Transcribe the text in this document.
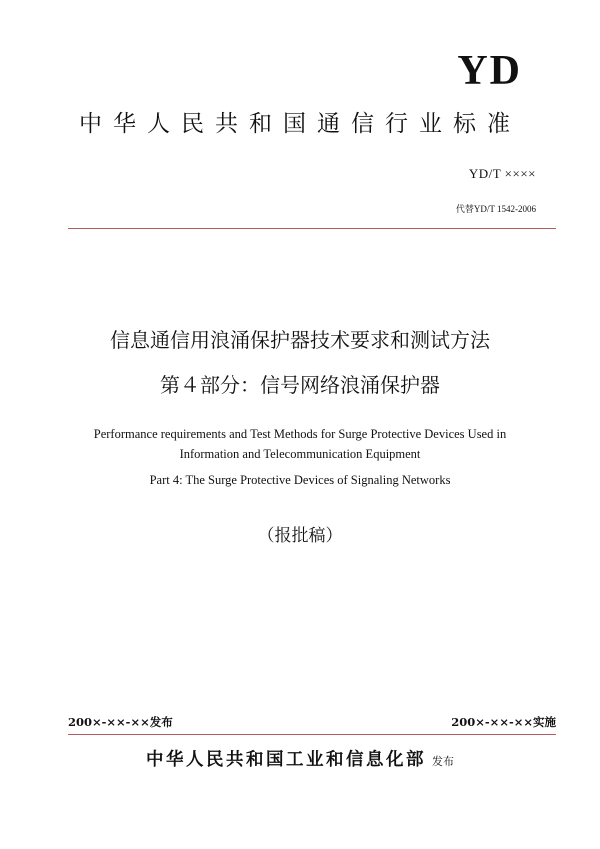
YD
中华人民共和国通信行业标准
YD/T ××××
代替YD/T 1542-2006
信息通信用浪涌保护器技术要求和测试方法
第４部分：信号网络浪涌保护器
Performance requirements and Test Methods for Surge Protective Devices Used in
Information and Telecommunication Equipment
Part 4: The Surge Protective Devices of Signaling Networks
（报批稿）
200×-××-××发布	200×-××-××实施
中华人民共和国工业和信息化部 发布
